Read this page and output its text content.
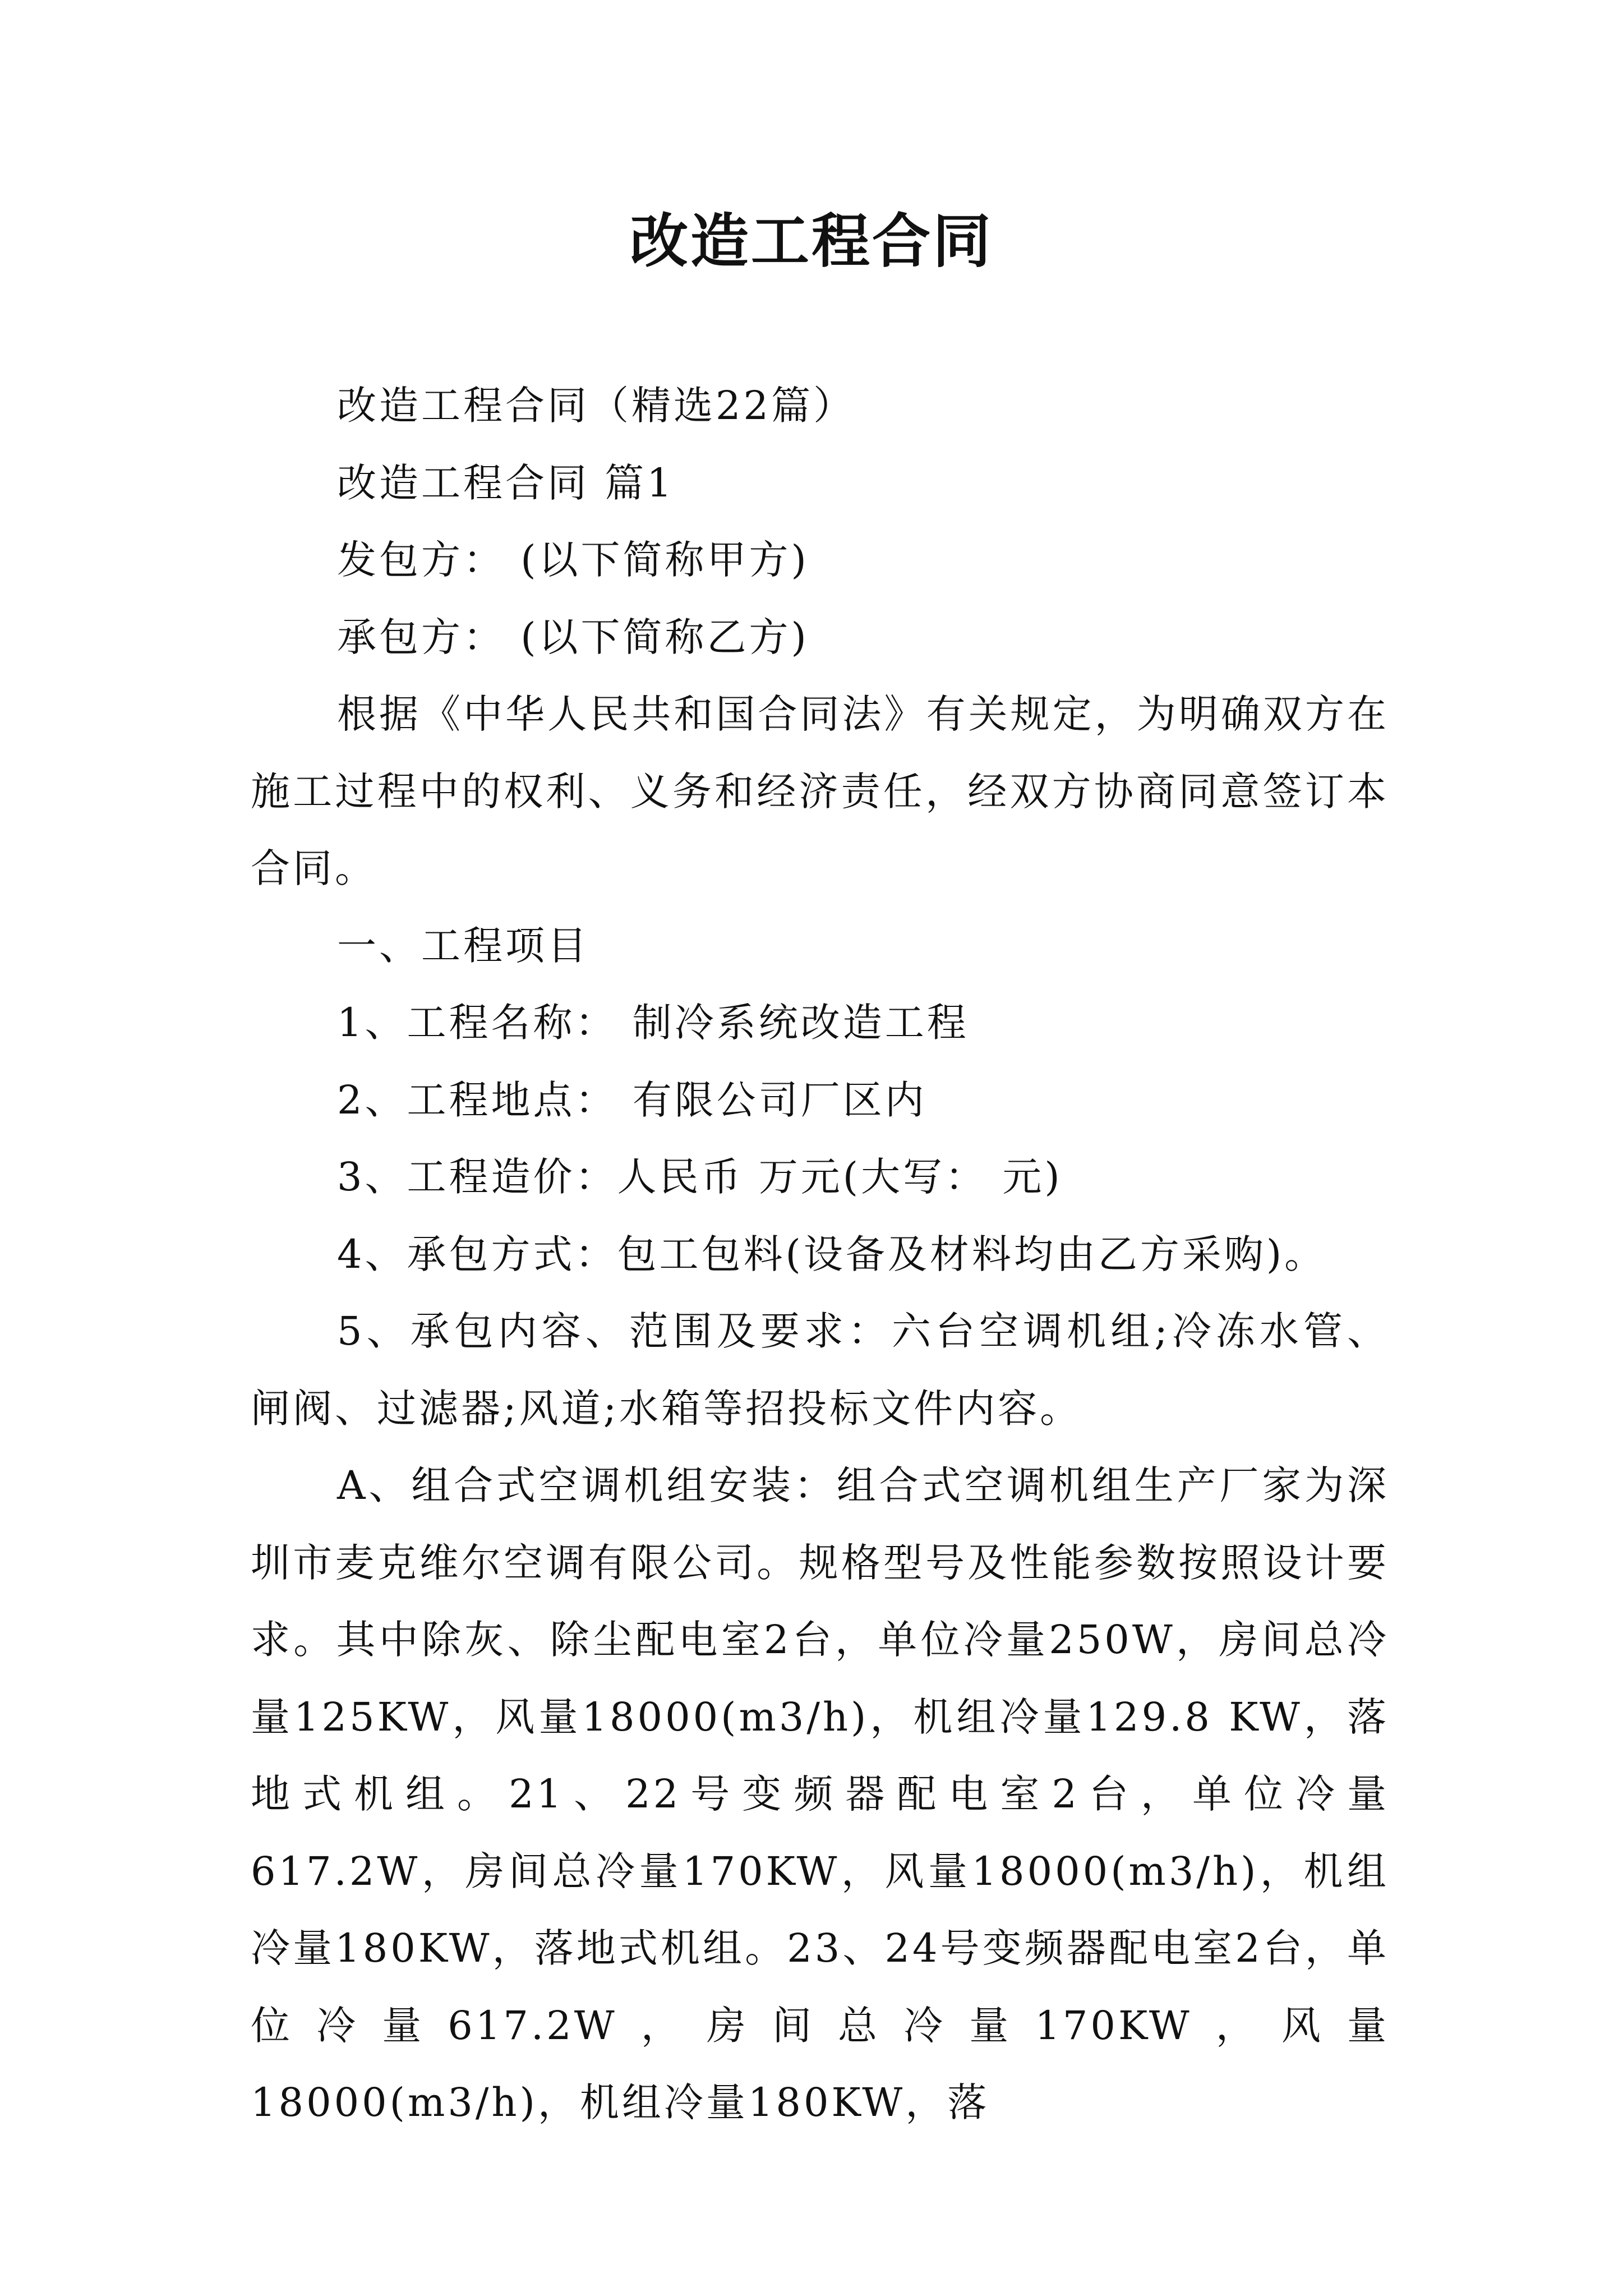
改造工程合同

改造工程合同（精选22篇）

改造工程合同 篇1

发包方： (以下简称甲方)

承包方： (以下简称乙方)

根据《中华人民共和国合同法》有关规定，为明确双方在施工过程中的权利、义务和经济责任，经双方协商同意签订本合同。

一、工程项目

1、工程名称： 制冷系统改造工程

2、工程地点： 有限公司厂区内

3、工程造价：人民币 万元(大写： 元)

4、承包方式：包工包料(设备及材料均由乙方采购)。

5、承包内容、范围及要求：六台空调机组;冷冻水管、闸阀、过滤器;风道;水箱等招投标文件内容。

A、组合式空调机组安装：组合式空调机组生产厂家为深圳市麦克维尔空调有限公司。规格型号及性能参数按照设计要求。其中除灰、除尘配电室2台，单位冷量250W，房间总冷量125KW，风量18000(m3/h)，机组冷量129.8 KW，落地式机组。21、22号变频器配电室2台，单位冷量617.2W，房间总冷量170KW，风量18000(m3/h)，机组冷量180KW，落地式机组。23、24号变频器配电室2台，单位冷量617.2W，房间总冷量170KW，风量18000(m3/h)，机组冷量180KW，落
